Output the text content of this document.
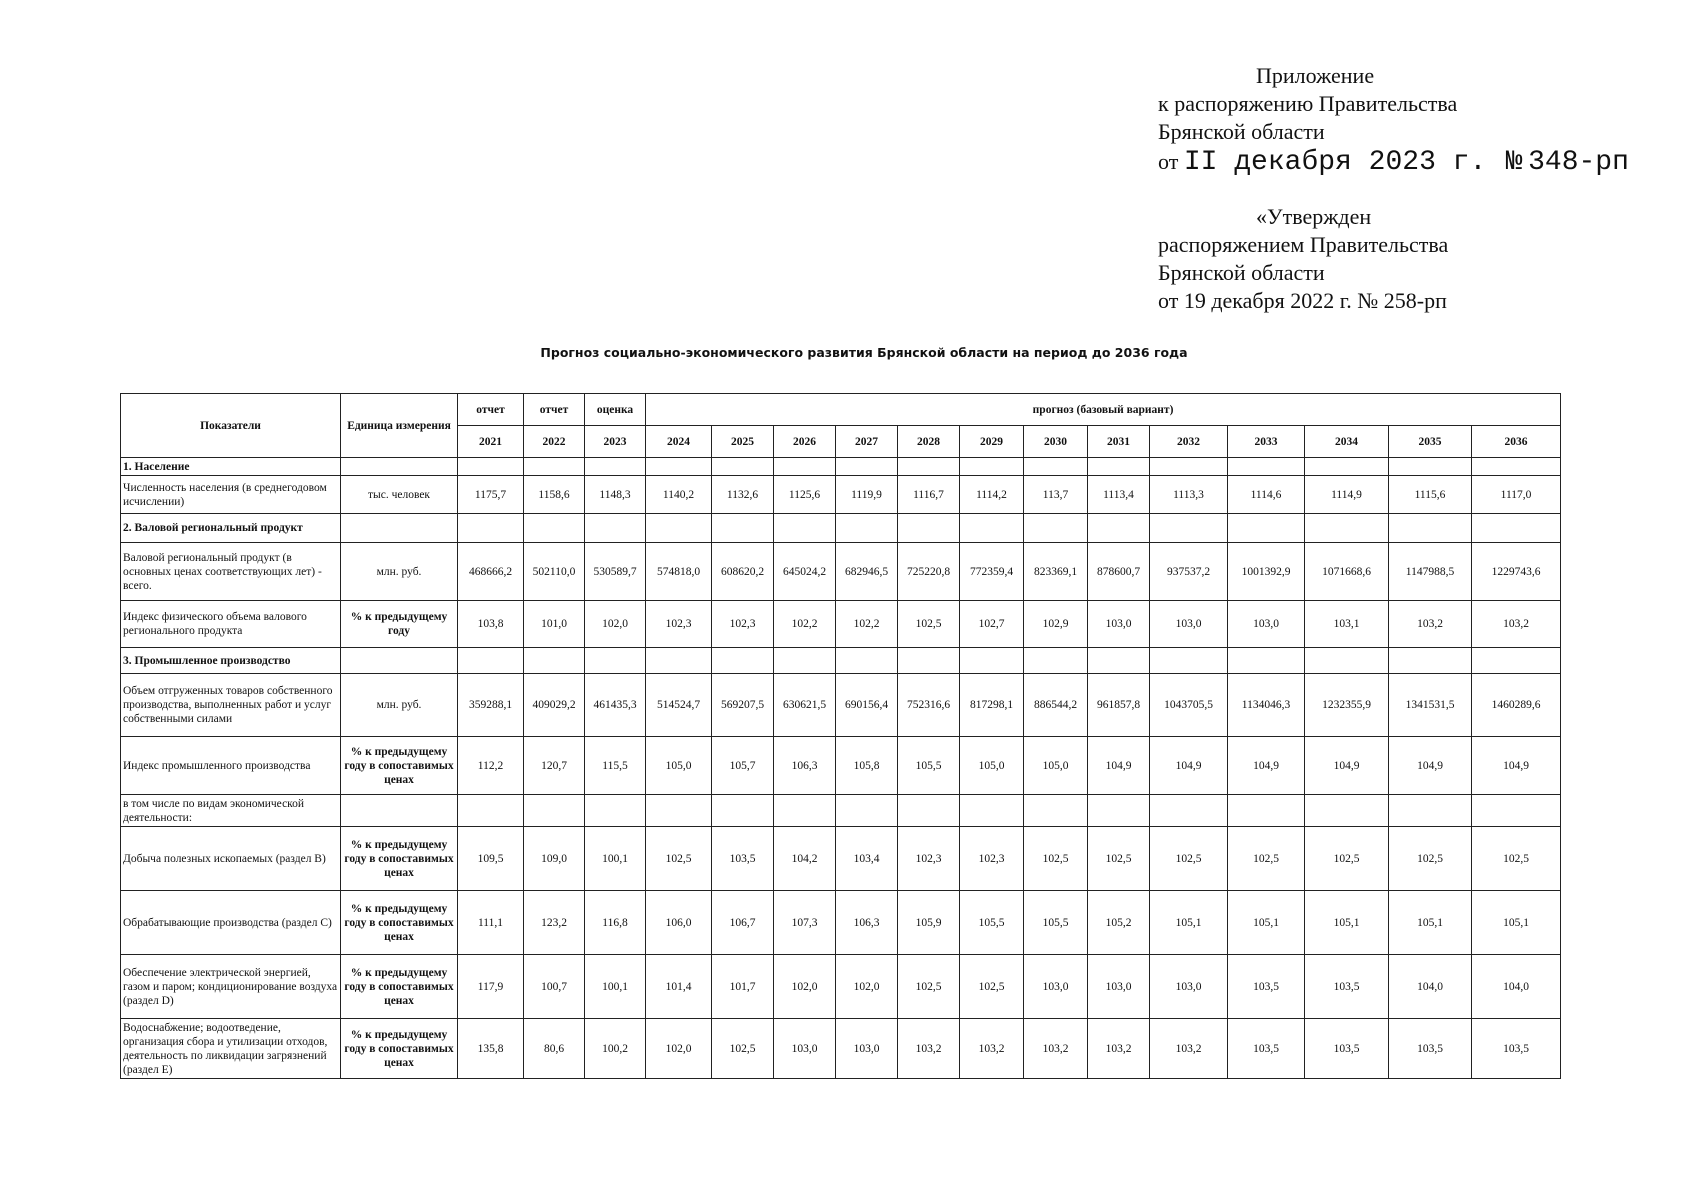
Приложение
к распоряжению Правительства
Брянской области
от II декабря 2023 г. № 348-рп
«Утвержден
распоряжением Правительства
Брянской области
от 19 декабря 2022 г. № 258-рп
Прогноз социально-экономического развития Брянской области на период до 2036 года
Показатели	Единица измерения	отчет	отчет	оценка	прогноз (базовый вариант)												
		2021	2022	2023	2024	2025	2026	2027	2028	2029	2030	2031	2032	2033	2034	2035	2036
1. Население																	
Численность населения (в среднегодовом исчислении)	тыс. человек	1175,7	1158,6	1148,3	1140,2	1132,6	1125,6	1119,9	1116,7	1114,2	113,7	1113,4	1113,3	1114,6	1114,9	1115,6	1117,0
2. Валовой региональный продукт																	
Валовой региональный продукт (в основных ценах соответствующих лет) - всего.	млн. руб.	468666,2	502110,0	530589,7	574818,0	608620,2	645024,2	682946,5	725220,8	772359,4	823369,1	878600,7	937537,2	1001392,9	1071668,6	1147988,5	1229743,6
Индекс физического объема валового регионального продукта	% к предыдущему году	103,8	101,0	102,0	102,3	102,3	102,2	102,2	102,5	102,7	102,9	103,0	103,0	103,0	103,1	103,2	103,2
3. Промышленное производство																	
Объем отгруженных товаров собственного производства, выполненных работ и услуг собственными силами	млн. руб.	359288,1	409029,2	461435,3	514524,7	569207,5	630621,5	690156,4	752316,6	817298,1	886544,2	961857,8	1043705,5	1134046,3	1232355,9	1341531,5	1460289,6
Индекс промышленного производства	% к предыдущему году в сопоставимых ценах	112,2	120,7	115,5	105,0	105,7	106,3	105,8	105,5	105,0	105,0	104,9	104,9	104,9	104,9	104,9	104,9
в том числе по видам экономической деятельности:																	
Добыча полезных ископаемых (раздел B)	% к предыдущему году в сопоставимых ценах	109,5	109,0	100,1	102,5	103,5	104,2	103,4	102,3	102,3	102,5	102,5	102,5	102,5	102,5	102,5	102,5
Обрабатывающие производства (раздел C)	% к предыдущему году в сопоставимых ценах	111,1	123,2	116,8	106,0	106,7	107,3	106,3	105,9	105,5	105,5	105,2	105,1	105,1	105,1	105,1	105,1
Обеспечение электрической энергией, газом и паром; кондиционирование воздуха (раздел D)	% к предыдущему году в сопоставимых ценах	117,9	100,7	100,1	101,4	101,7	102,0	102,0	102,5	102,5	103,0	103,0	103,0	103,5	103,5	104,0	104,0
Водоснабжение; водоотведение, организация сбора и утилизации отходов, деятельность по ликвидации загрязнений (раздел E)	% к предыдущему году в сопоставимых ценах	135,8	80,6	100,2	102,0	102,5	103,0	103,0	103,2	103,2	103,2	103,2	103,2	103,5	103,5	103,5	103,5
